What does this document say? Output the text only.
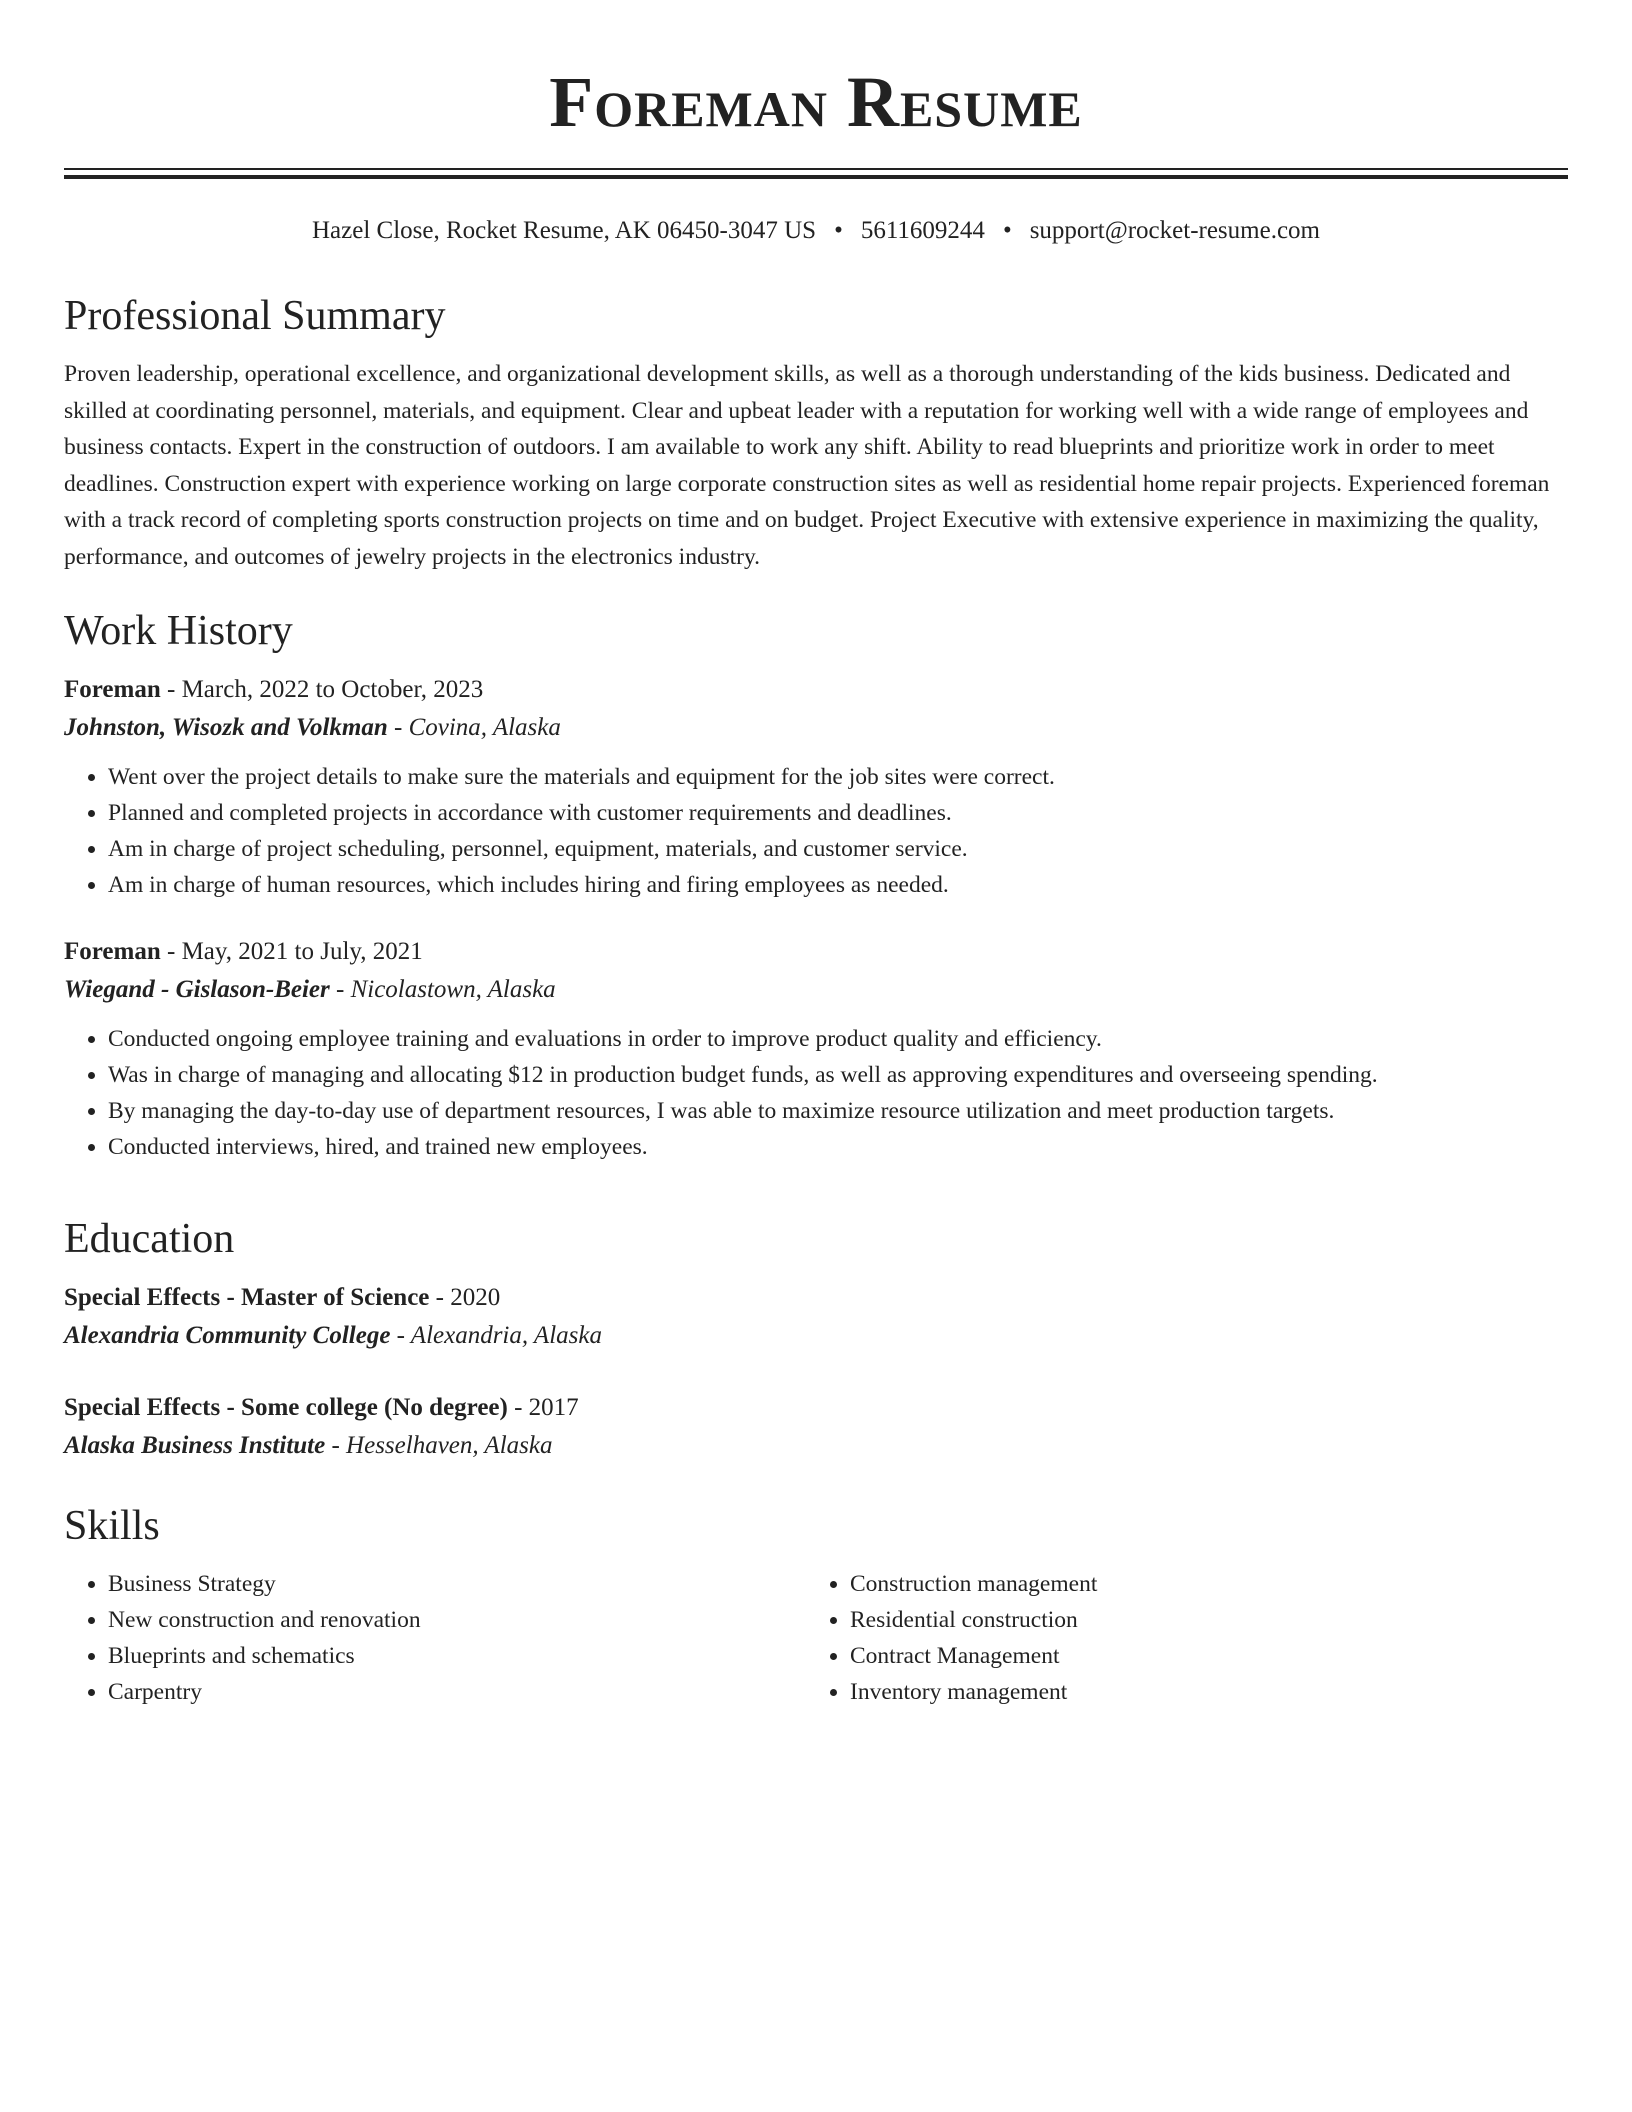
Foreman Resume
Hazel Close, Rocket Resume, AK 06450-3047 US • 5611609244 • support@rocket-resume.com
Professional Summary

Proven leadership, operational excellence, and organizational development skills, as well as a thorough understanding of the kids business. Dedicated and skilled at coordinating personnel, materials, and equipment. Clear and upbeat leader with a reputation for working well with a wide range of employees and business contacts. Expert in the construction of outdoors. I am available to work any shift. Ability to read blueprints and prioritize work in order to meet deadlines. Construction expert with experience working on large corporate construction sites as well as residential home repair projects. Experienced foreman with a track record of completing sports construction projects on time and on budget. Project Executive with extensive experience in maximizing the quality, performance, and outcomes of jewelry projects in the electronics industry.

Work History
Foreman - March, 2022 to October, 2023
Johnston, Wisozk and Volkman - Covina, Alaska
• Went over the project details to make sure the materials and equipment for the job sites were correct.
• Planned and completed projects in accordance with customer requirements and deadlines.
• Am in charge of project scheduling, personnel, equipment, materials, and customer service.
• Am in charge of human resources, which includes hiring and firing employees as needed.
Foreman - May, 2021 to July, 2021
Wiegand - Gislason-Beier - Nicolastown, Alaska
• Conducted ongoing employee training and evaluations in order to improve product quality and efficiency.
• Was in charge of managing and allocating $12 in production budget funds, as well as approving expenditures and overseeing spending.
• By managing the day-to-day use of department resources, I was able to maximize resource utilization and meet production targets.
• Conducted interviews, hired, and trained new employees.
Education
Special Effects - Master of Science - 2020
Alexandria Community College - Alexandria, Alaska
Special Effects - Some college (No degree) - 2017
Alaska Business Institute - Hesselhaven, Alaska
Skills
• Business Strategy
• New construction and renovation
• Blueprints and schematics
• Carpentry
• Construction management
• Residential construction
• Contract Management
• Inventory management
